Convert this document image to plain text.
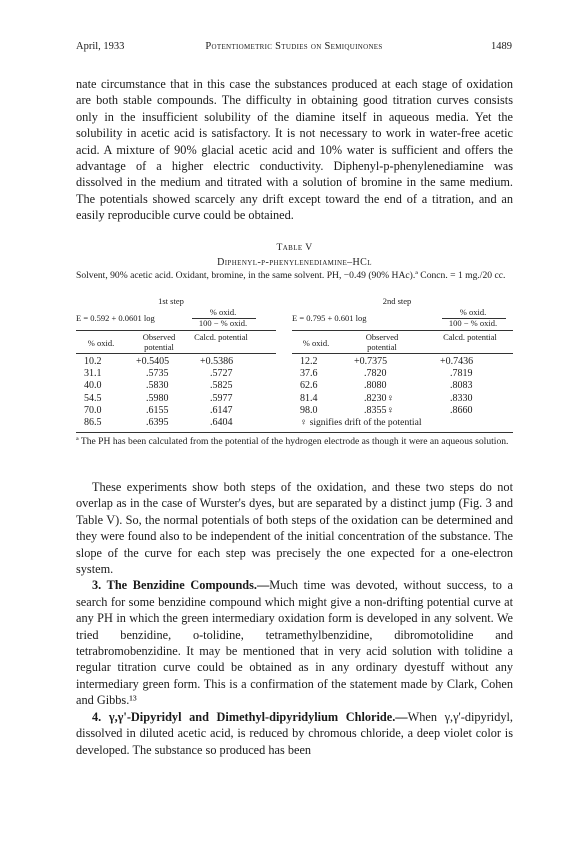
April, 1933	Potentiometric Studies on Semiquinones	1489

nate circumstance that in this case the substances produced at each stage of oxidation are both stable compounds. The difficulty in obtaining good titration curves consists only in the insufficient solubility of the diamine itself in aqueous media. Yet the solubility in acetic acid is satisfactory. It is not necessary to work in water-free acetic acid. A mixture of 90% glacial acetic acid and 10% water is sufficient and offers the advantage of a higher electric conductivity. Diphenyl-p-phenylenediamine was dissolved in the medium and titrated with a solution of bromine in the same medium. The potentials showed scarcely any drift except toward the end of a titration, and an easily reproducible curve could be obtained.

Table V

Diphenyl-p-phenylenediamine–HCl

Solvent, 90% acetic acid. Oxidant, bromine, in the same solvent. PH, −0.49 (90% HAc).ª Concn. = 1 mg./20 cc.

1st step
E = 0.592 + 0.0601 log
% oxid.
100 − % oxid.
% oxid.
Observed potential
Calcd. potential
10.2	+0.5405	+0.5386
31.1	.5735	.5727
40.0	.5830	.5825
54.5	.5980	.5977
70.0	.6155	.6147
86.5	.6395	.6404
2nd step
E = 0.795 + 0.601 log
% oxid.
100 − % oxid.
% oxid.
Observed potential
Calcd. potential
12.2	+0.7375	+0.7436
37.6	.7820	.7819
62.6	.8080	.8083
81.4	.8230♀	.8330
98.0	.8355♀	.8660
♀ signifies drift of the potential

ª The PH has been calculated from the potential of the hydrogen electrode as though it were an aqueous solution.

These experiments show both steps of the oxidation, and these two steps do not overlap as in the case of Wurster's dyes, but are separated by a distinct jump (Fig. 3 and Table V). So, the normal potentials of both steps of the oxidation can be determined and they were found also to be independent of the initial concentration of the substance. The slope of the curve for each step was precisely the one expected for a one-electron system.
3. The Benzidine Compounds.—Much time was devoted, without success, to a search for some benzidine compound which might give a non-drifting potential curve at any PH in which the green intermediary oxidation form is developed in any solvent. We tried benzidine, o-tolidine, tetramethylbenzidine, dibromotolidine and tetrabromobenzidine. It may be mentioned that in very acid solution with tolidine a regular titration curve could be obtained as in any ordinary dyestuff without any intermediary green form. This is a confirmation of the statement made by Clark, Cohen and Gibbs.¹³
4. γ,γ'-Dipyridyl and Dimethyl-dipyridylium Chloride.—When γ,γ'-dipyridyl, dissolved in diluted acetic acid, is reduced by chromous chloride, a deep violet color is developed. The substance so produced has been
